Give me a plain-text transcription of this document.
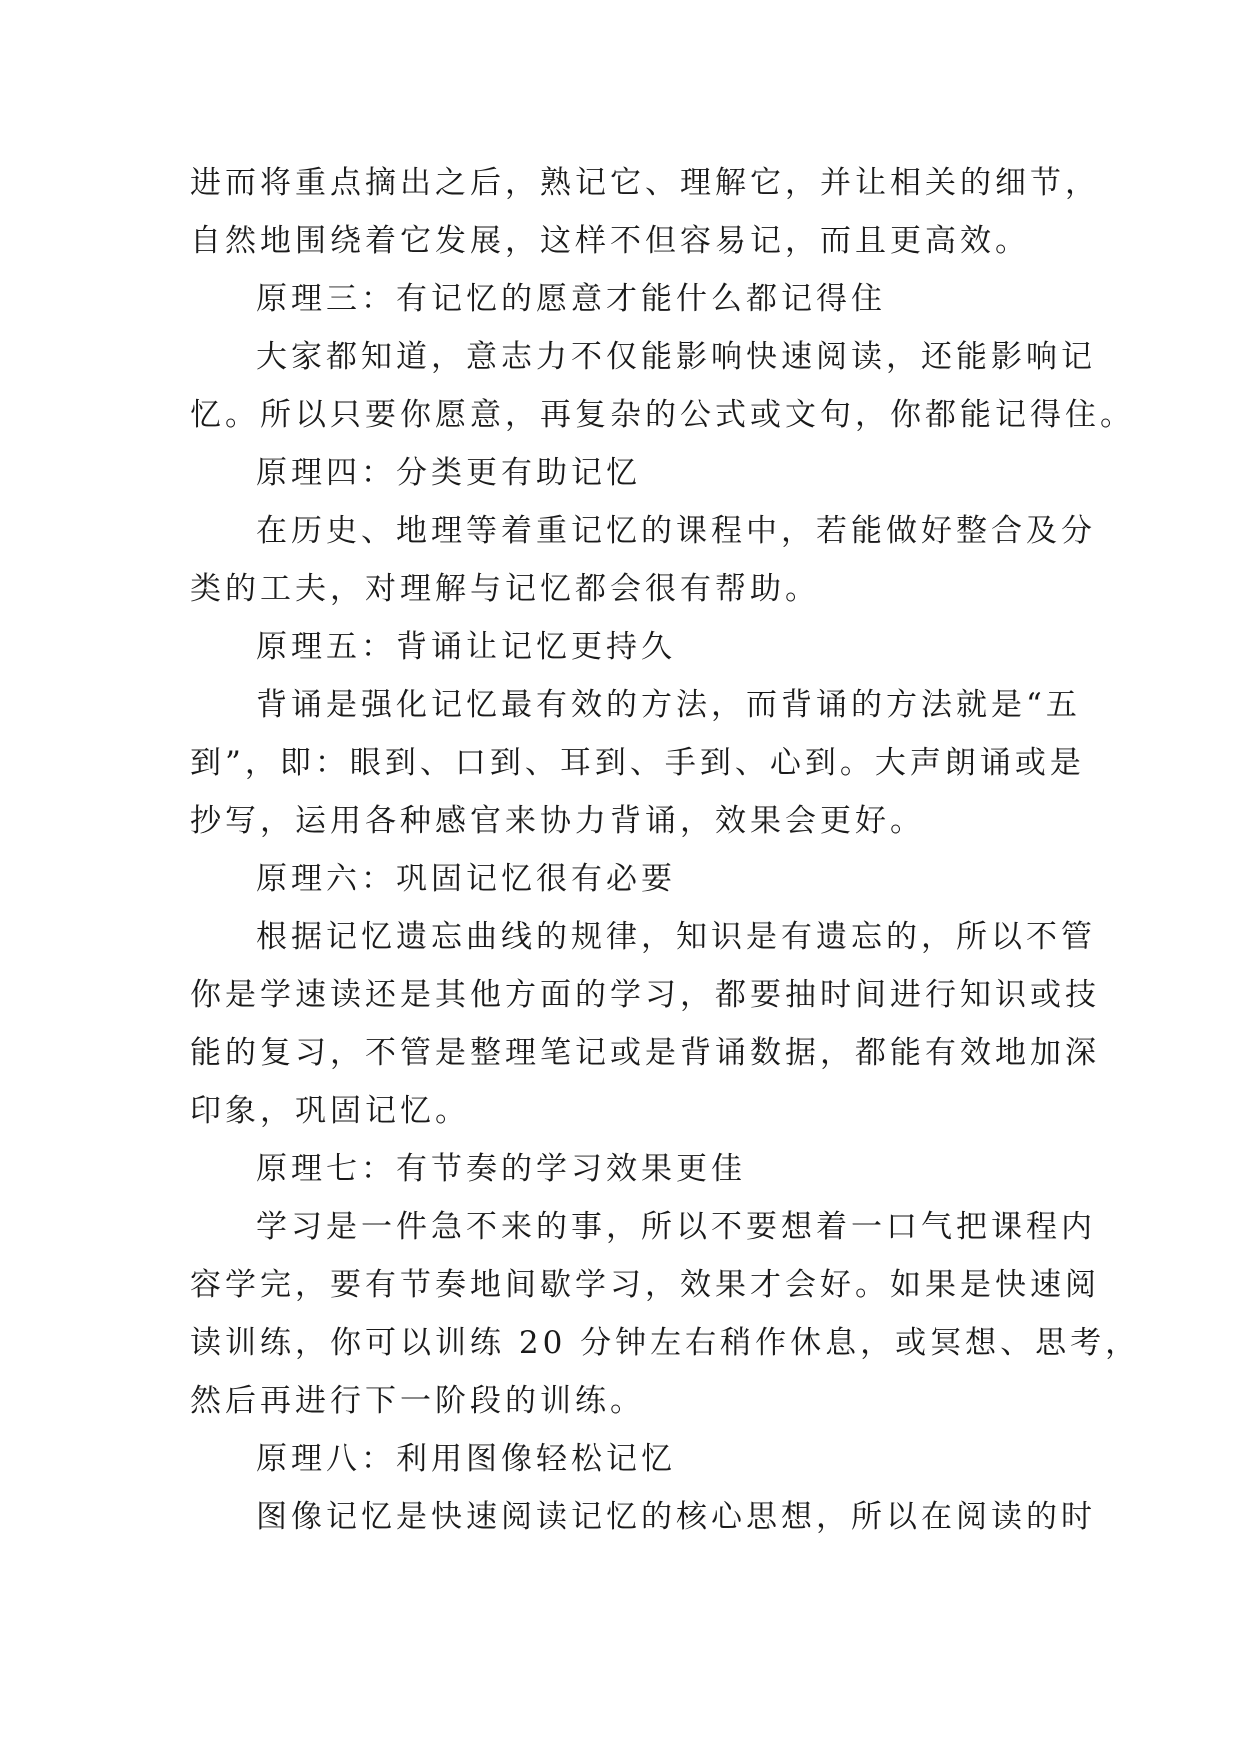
进而将重点摘出之后，熟记它、理解它，并让相关的细节，
自然地围绕着它发展，这样不但容易记，而且更高效。
原理三：有记忆的愿意才能什么都记得住
大家都知道，意志力不仅能影响快速阅读，还能影响记
忆。所以只要你愿意，再复杂的公式或文句，你都能记得住。
原理四：分类更有助记忆
在历史、地理等着重记忆的课程中，若能做好整合及分
类的工夫，对理解与记忆都会很有帮助。
原理五：背诵让记忆更持久
背诵是强化记忆最有效的方法，而背诵的方法就是“五
到”，即：眼到、口到、耳到、手到、心到。大声朗诵或是
抄写，运用各种感官来协力背诵，效果会更好。
原理六：巩固记忆很有必要
根据记忆遗忘曲线的规律，知识是有遗忘的，所以不管
你是学速读还是其他方面的学习，都要抽时间进行知识或技
能的复习，不管是整理笔记或是背诵数据，都能有效地加深
印象，巩固记忆。
原理七：有节奏的学习效果更佳
学习是一件急不来的事，所以不要想着一口气把课程内
容学完，要有节奏地间歇学习，效果才会好。如果是快速阅
读训练，你可以训练 20 分钟左右稍作休息，或冥想、思考，
然后再进行下一阶段的训练。
原理八：利用图像轻松记忆
图像记忆是快速阅读记忆的核心思想，所以在阅读的时
